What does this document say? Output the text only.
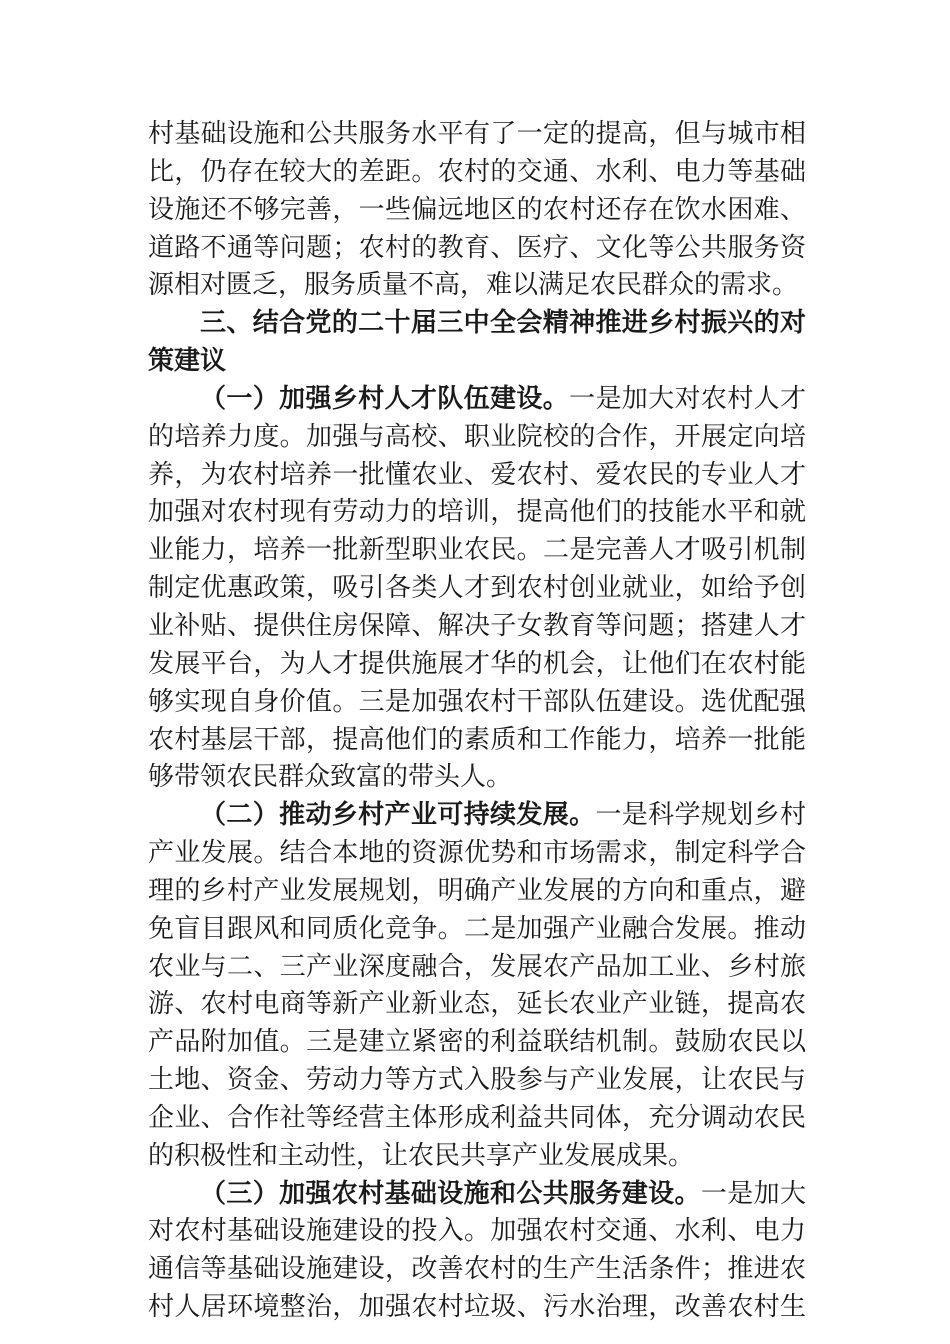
村基础设施和公共服务水平有了一定的提高，但与城市相
比，仍存在较大的差距。农村的交通、水利、电力等基础
设施还不够完善，一些偏远地区的农村还存在饮水困难、
道路不通等问题；农村的教育、医疗、文化等公共服务资
源相对匮乏，服务质量不高，难以满足农民群众的需求。
三、结合党的二十届三中全会精神推进乡村振兴的对
策建议
（一）加强乡村人才队伍建设。一是加大对农村人才
的培养力度。加强与高校、职业院校的合作，开展定向培
养，为农村培养一批懂农业、爱农村、爱农民的专业人才
加强对农村现有劳动力的培训，提高他们的技能水平和就
业能力，培养一批新型职业农民。二是完善人才吸引机制
制定优惠政策，吸引各类人才到农村创业就业，如给予创
业补贴、提供住房保障、解决子女教育等问题；搭建人才
发展平台，为人才提供施展才华的机会，让他们在农村能
够实现自身价值。三是加强农村干部队伍建设。选优配强
农村基层干部，提高他们的素质和工作能力，培养一批能
够带领农民群众致富的带头人。
（二）推动乡村产业可持续发展。一是科学规划乡村
产业发展。结合本地的资源优势和市场需求，制定科学合
理的乡村产业发展规划，明确产业发展的方向和重点，避
免盲目跟风和同质化竞争。二是加强产业融合发展。推动
农业与二、三产业深度融合，发展农产品加工业、乡村旅
游、农村电商等新产业新业态，延长农业产业链，提高农
产品附加值。三是建立紧密的利益联结机制。鼓励农民以
土地、资金、劳动力等方式入股参与产业发展，让农民与
企业、合作社等经营主体形成利益共同体，充分调动农民
的积极性和主动性，让农民共享产业发展成果。
（三）加强农村基础设施和公共服务建设。一是加大
对农村基础设施建设的投入。加强农村交通、水利、电力
通信等基础设施建设，改善农村的生产生活条件；推进农
村人居环境整治，加强农村垃圾、污水治理，改善农村生
